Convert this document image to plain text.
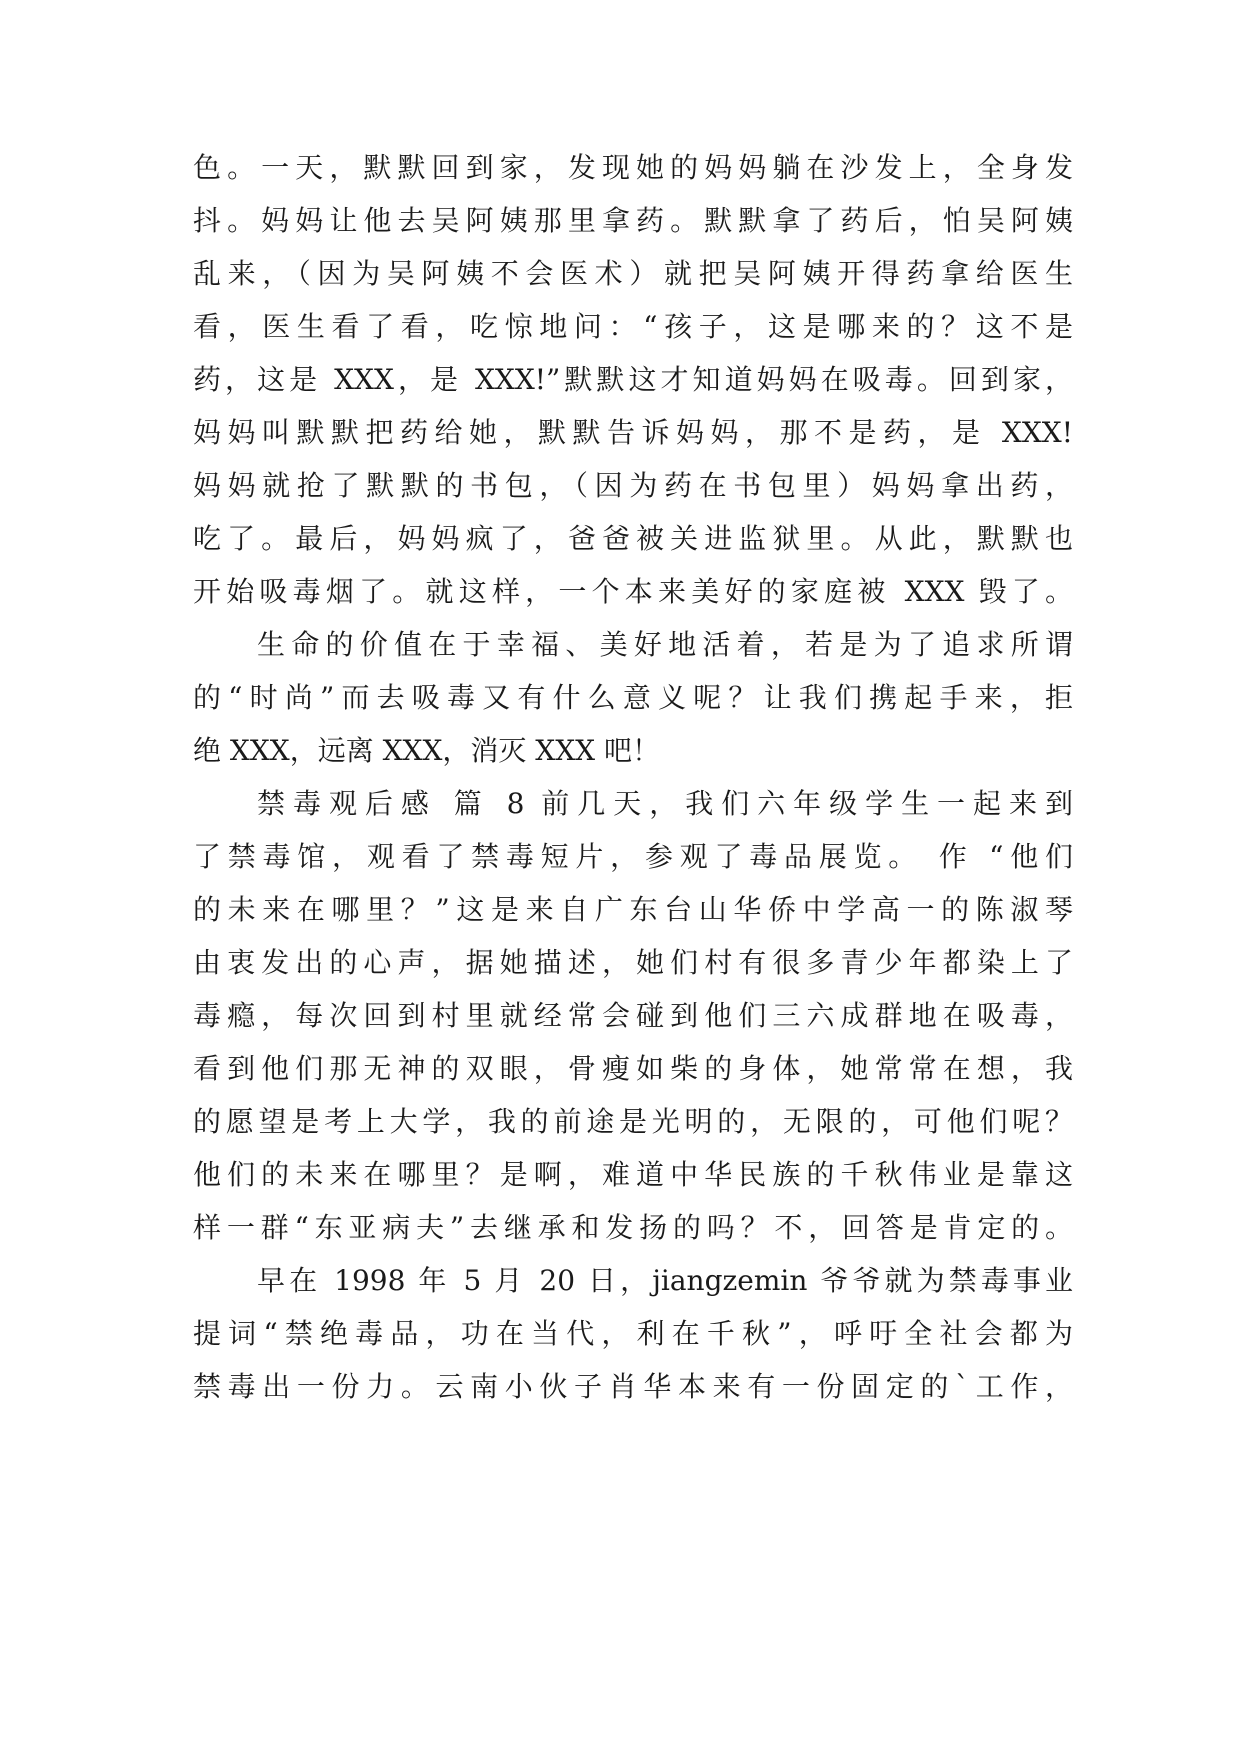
色。一天，默默回到家，发现她的妈妈躺在沙发上，全身发
抖。妈妈让他去吴阿姨那里拿药。默默拿了药后，怕吴阿姨
乱来，（因为吴阿姨不会医术）就把吴阿姨开得药拿给医生
看，医生看了看，吃惊地问：“孩子，这是哪来的？这不是
药，这是 XXX，是 XXX!”默默这才知道妈妈在吸毒。回到家，
妈妈叫默默把药给她，默默告诉妈妈，那不是药，是 XXX!
妈妈就抢了默默的书包，（因为药在书包里）妈妈拿出药，
吃了。最后，妈妈疯了，爸爸被关进监狱里。从此，默默也
开始吸毒烟了。就这样，一个本来美好的家庭被 XXX 毁了。
生命的价值在于幸福、美好地活着，若是为了追求所谓
的“时尚”而去吸毒又有什么意义呢？让我们携起手来，拒
绝 XXX，远离 XXX，消灭 XXX 吧！
禁毒观后感 篇 8 前几天，我们六年级学生一起来到
了禁毒馆，观看了禁毒短片，参观了毒品展览。 作 “他们
的未来在哪里？”这是来自广东台山华侨中学高一的陈淑琴
由衷发出的心声，据她描述，她们村有很多青少年都染上了
毒瘾，每次回到村里就经常会碰到他们三六成群地在吸毒，
看到他们那无神的双眼，骨瘦如柴的身体，她常常在想，我
的愿望是考上大学，我的前途是光明的，无限的，可他们呢？
他们的未来在哪里？是啊，难道中华民族的千秋伟业是靠这
样一群“东亚病夫”去继承和发扬的吗？不，回答是肯定的。
早在 1998 年 5 月 20 日，jiangzemin 爷爷就为禁毒事业
提词“禁绝毒品，功在当代，利在千秋”，呼吁全社会都为
禁毒出一份力。云南小伙子肖华本来有一份固定的`工作，
